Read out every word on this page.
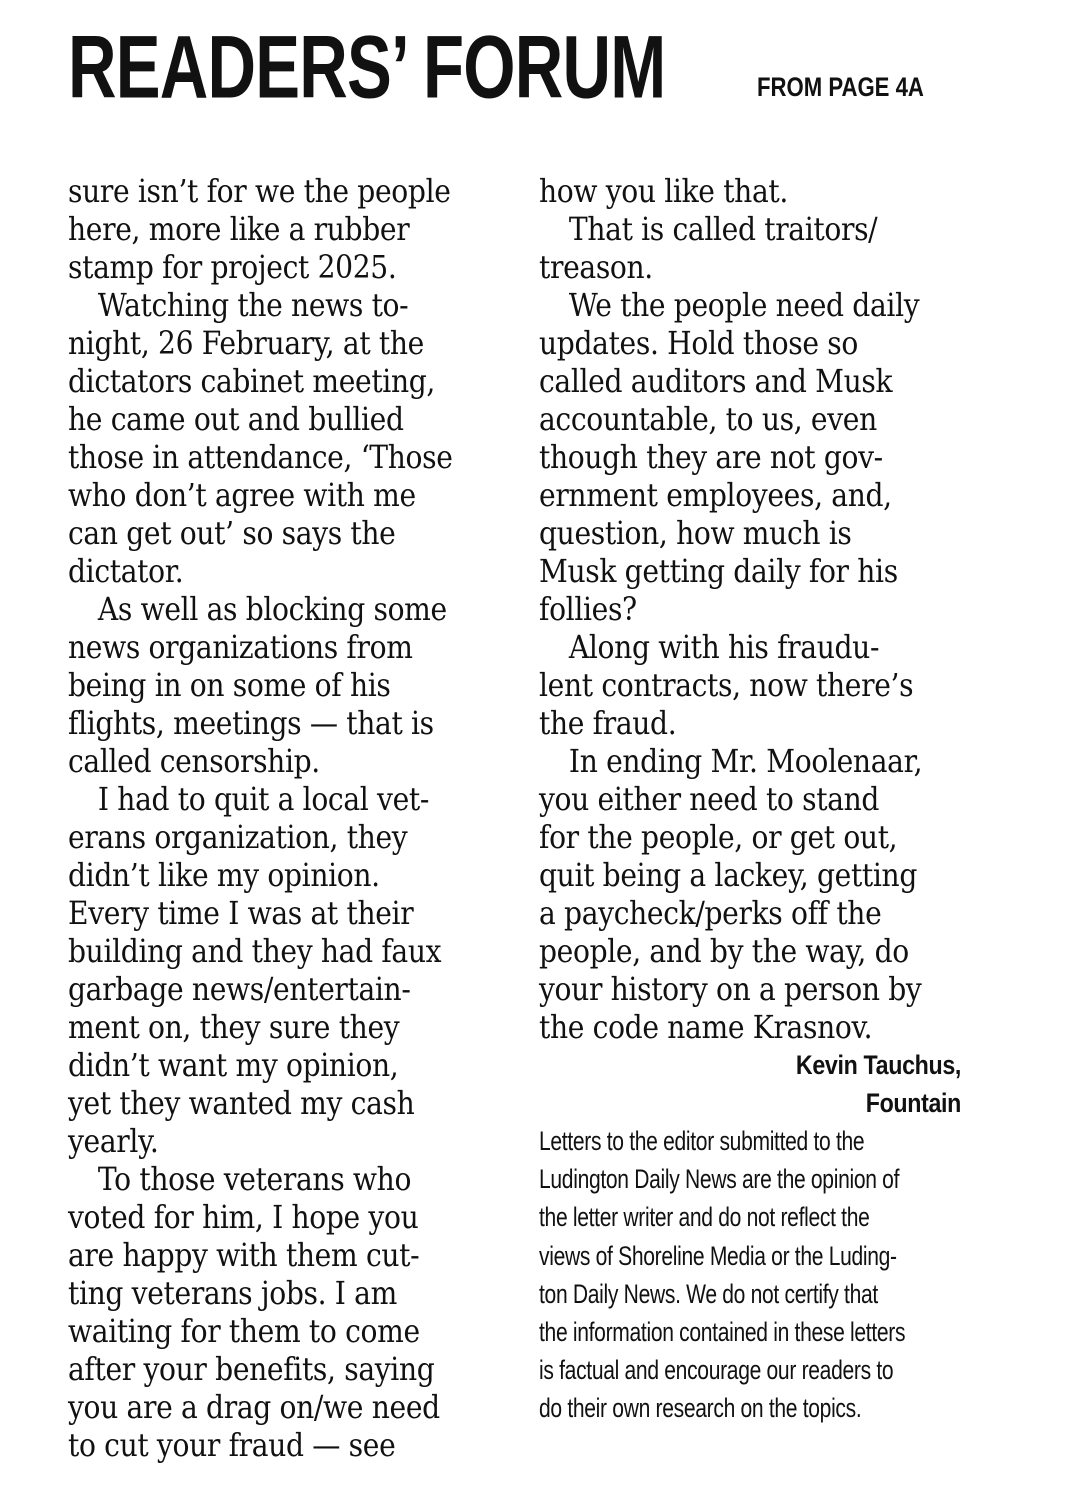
READERS’ FORUM	FROM PAGE 4A
sure isn’t for we the people
here, more like a rubber
stamp for project 2025.
Watching the news to-
night, 26 February, at the
dictators cabinet meeting,
he came out and bullied
those in attendance, ‘Those
who don’t agree with me
can get out’ so says the
dictator.
As well as blocking some
news organizations from
being in on some of his
flights, meetings — that is
called censorship.
I had to quit a local vet-
erans organization, they
didn’t like my opinion.
Every time I was at their
building and they had faux
garbage news/entertain-
ment on, they sure they
didn’t want my opinion,
yet they wanted my cash
yearly.
To those veterans who
voted for him, I hope you
are happy with them cut-
ting veterans jobs. I am
waiting for them to come
after your benefits, saying
you are a drag on/we need
to cut your fraud — see
how you like that.
That is called traitors/
treason.
We the people need daily
updates. Hold those so
called auditors and Musk
accountable, to us, even
though they are not gov-
ernment employees, and,
question, how much is
Musk getting daily for his
follies?
Along with his fraudu-
lent contracts, now there’s
the fraud.
In ending Mr. Moolenaar,
you either need to stand
for the people, or get out,
quit being a lackey, getting
a paycheck/perks off the
people, and by the way, do
your history on a person by
the code name Krasnov.
Kevin Tauchus,
Fountain
Letters to the editor submitted to the
Ludington Daily News are the opinion of
the letter writer and do not reflect the
views of Shoreline Media or the Luding-
ton Daily News. We do not certify that
the information contained in these letters
is factual and encourage our readers to
do their own research on the topics.
